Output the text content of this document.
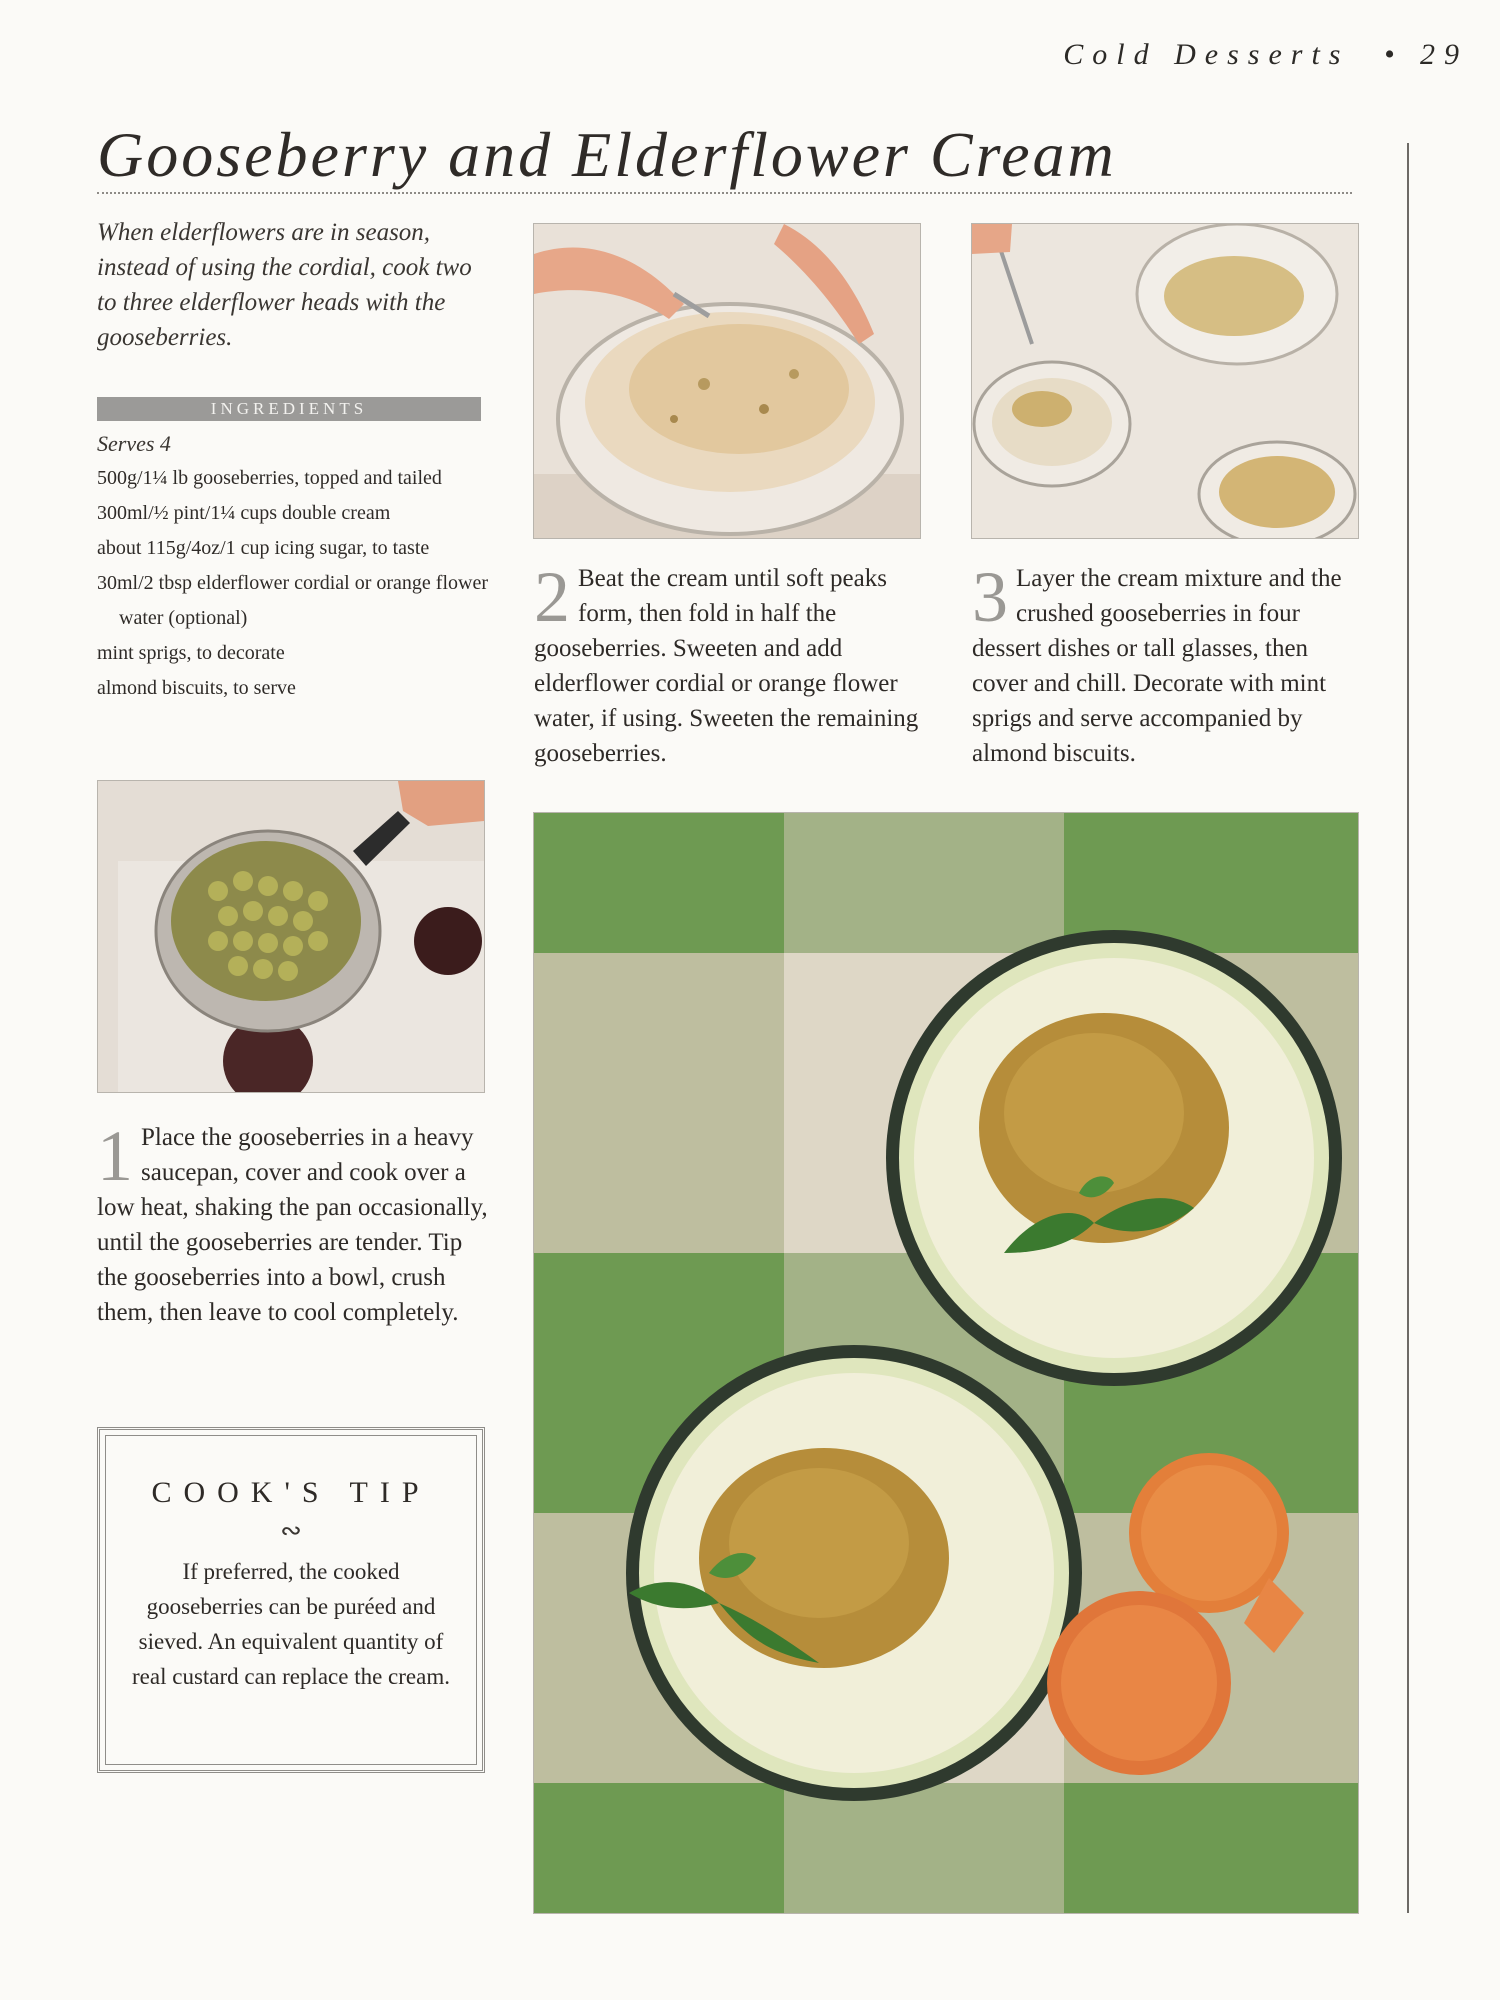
Cold Desserts • 29
Gooseberry and Elderflower Cream
When elderflowers are in season, instead of using the cordial, cook two to three elderflower heads with the gooseberries.
INGREDIENTS
Serves 4
500g/1¼ lb gooseberries, topped and tailed
300ml/½ pint/1¼ cups double cream
about 115g/4oz/1 cup icing sugar, to taste
30ml/2 tbsp elderflower cordial or orange flower water (optional)
mint sprigs, to decorate
almond biscuits, to serve
2 Beat the cream until soft peaks form, then fold in half the gooseberries. Sweeten and add elderflower cordial or orange flower water, if using. Sweeten the remaining gooseberries.
3 Layer the cream mixture and the crushed gooseberries in four dessert dishes or tall glasses, then cover and chill. Decorate with mint sprigs and serve accompanied by almond biscuits.
1 Place the gooseberries in a heavy saucepan, cover and cook over a low heat, shaking the pan occasionally, until the gooseberries are tender. Tip the gooseberries into a bowl, crush them, then leave to cool completely.
COOK'S TIP
∾
If preferred, the cooked gooseberries can be puréed and sieved. An equivalent quantity of real custard can replace the cream.
